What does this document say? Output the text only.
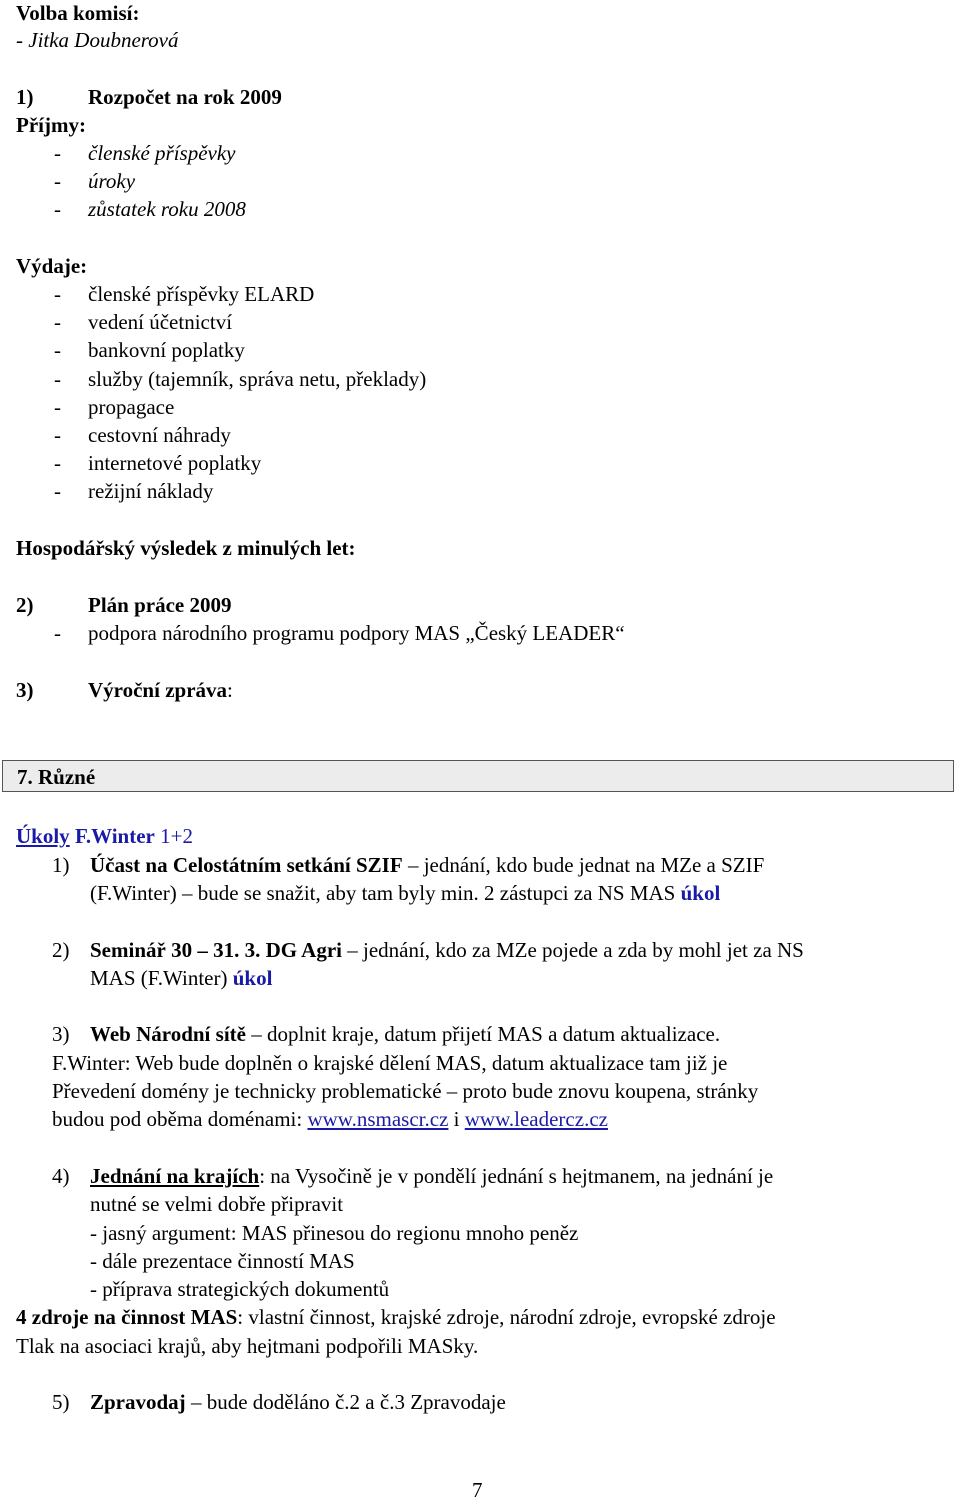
Volba komisí:
- Jitka Doubnerová
1)	Rozpočet na rok 2009
Příjmy:
- členské příspěvky
- úroky
- zůstatek roku 2008
Výdaje:
- členské příspěvky ELARD
- vedení účetnictví
- bankovní poplatky
- služby (tajemník, správa netu, překlady)
- propagace
- cestovní náhrady
- internetové poplatky
- režijní náklady
Hospodářský výsledek z minulých let:
2)	Plán práce 2009
- podpora národního programu podpory MAS „Český LEADER“
3)	Výroční zpráva:
7. Různé
Úkoly F.Winter 1+2
1) Účast na Celostátním setkání SZIF – jednání, kdo bude jednat na MZe a SZIF
(F.Winter) – bude se snažit, aby tam byly min. 2 zástupci za NS MAS úkol
2) Seminář 30 – 31. 3. DG Agri – jednání, kdo za MZe pojede a zda by mohl jet za NS
MAS (F.Winter) úkol
3) Web Národní sítě – doplnit kraje, datum přijetí MAS a datum aktualizace.
F.Winter: Web bude doplněn o krajské dělení MAS, datum aktualizace tam již je
Převedení domény je technicky problematické – proto bude znovu koupena, stránky
budou pod oběma doménami: www.nsmascr.cz i www.leadercz.cz
4) Jednání na krajích: na Vysočině je v pondělí jednání s hejtmanem, na jednání je
nutné se velmi dobře připravit
- jasný argument: MAS přinesou do regionu mnoho peněz
- dále prezentace činností MAS
- příprava strategických dokumentů
4 zdroje na činnost MAS: vlastní činnost, krajské zdroje, národní zdroje, evropské zdroje
Tlak na asociaci krajů, aby hejtmani podpořili MASky.
5) Zpravodaj – bude doděláno č.2 a č.3 Zpravodaje
7
